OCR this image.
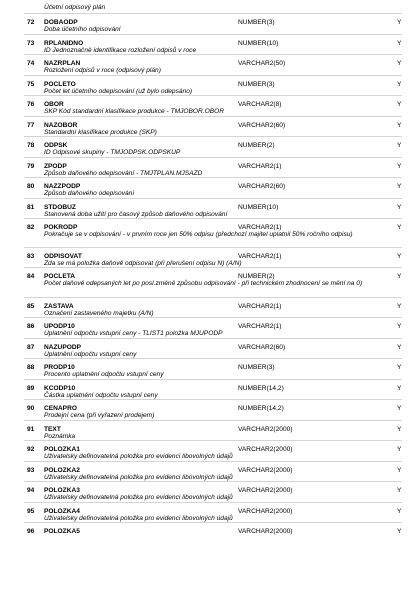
Účetní odpisový plán
72 DOBAODP	NUMBER(3)	Y
Doba účetního odpisování
73 RPLANIDNO	NUMBER(10)	Y
ID Jednoznačně identifikace rozložení odpisů v roce
74 NAZRPLAN	VARCHAR2(50)	Y
Rozložení odpisů v roce (odpisový plán)
75 POCLETO	NUMBER(3)	Y
Počet let účetního odepisování (už bylo odepsáno)
76 OBOR	VARCHAR2(8)	Y
SKP Kód standardní klasifikace produkce - TMJOBOR.OBOR
77 NAZOBOR	VARCHAR2(60)	Y
Standardní klasifikace produkce (SKP)
78 ODPSK	NUMBER(2)	Y
ID Odpisové skupiny - TMJODPSK.ODPSKUP
79 ZPODP	VARCHAR2(1)	Y
Způsob daňového odepisování - TMJTPLAN.MJSAZD
80 NAZZPODP	VARCHAR2(60)	Y
Způsob daňového odepisování
81 STDOBUZ	NUMBER(10)	Y
Stanovená doba užití pro časový způsob daňového odpisování
82 POKRODP	VARCHAR2(1)	Y
Pokračuje se v odpisování - v prvním roce jen 50% odpisu (předchozí majitel uplatnil 50% ročního odpisu)
83 ODPISOVAT	VARCHAR2(1)	Y
Zda se má položka daňově odpisovat (při přerušení odpisu N) (A/N)
84 POCLETA	NUMBER(2)	Y
Počet daňově odepsaných let po posl.změně způsobu odpisování - při technickém zhodnocení se mění na 0)
85 ZASTAVA	VARCHAR2(1)	Y
Označení zastaveného majetku (A/N)
86 UPODP10	VARCHAR2(1)	Y
Uplatnění odpočtu vstupní ceny - TLIST1 položka MJUPODP
87 NAZUPODP	VARCHAR2(60)	Y
Uplatnění odpočtu vstupní ceny
88 PRODP10	NUMBER(3)	Y
Procento uplatnění odpočtu vstupní ceny
89 KCODP10	NUMBER(14,2)	Y
Částka uplatnění odpočtu vstupní ceny
90 CENAPRO	NUMBER(14,2)	Y
Prodejní cena (při vyřazení prodejem)
91 TEXT	VARCHAR2(2000)	Y
Poznámka
92 POLOZKA1	VARCHAR2(2000)	Y
Uživatelsky definovatelná položka pro evidenci libovolných údajů
93 POLOZKA2	VARCHAR2(2000)	Y
Uživatelsky definovatelná položka pro evidenci libovolných údajů
94 POLOZKA3	VARCHAR2(2000)	Y
Uživatelsky definovatelná položka pro evidenci libovolných údajů
95 POLOZKA4	VARCHAR2(2000)	Y
Uživatelsky definovatelná položka pro evidenci libovolných údajů
96 POLOZKA5	VARCHAR2(2000)	Y
